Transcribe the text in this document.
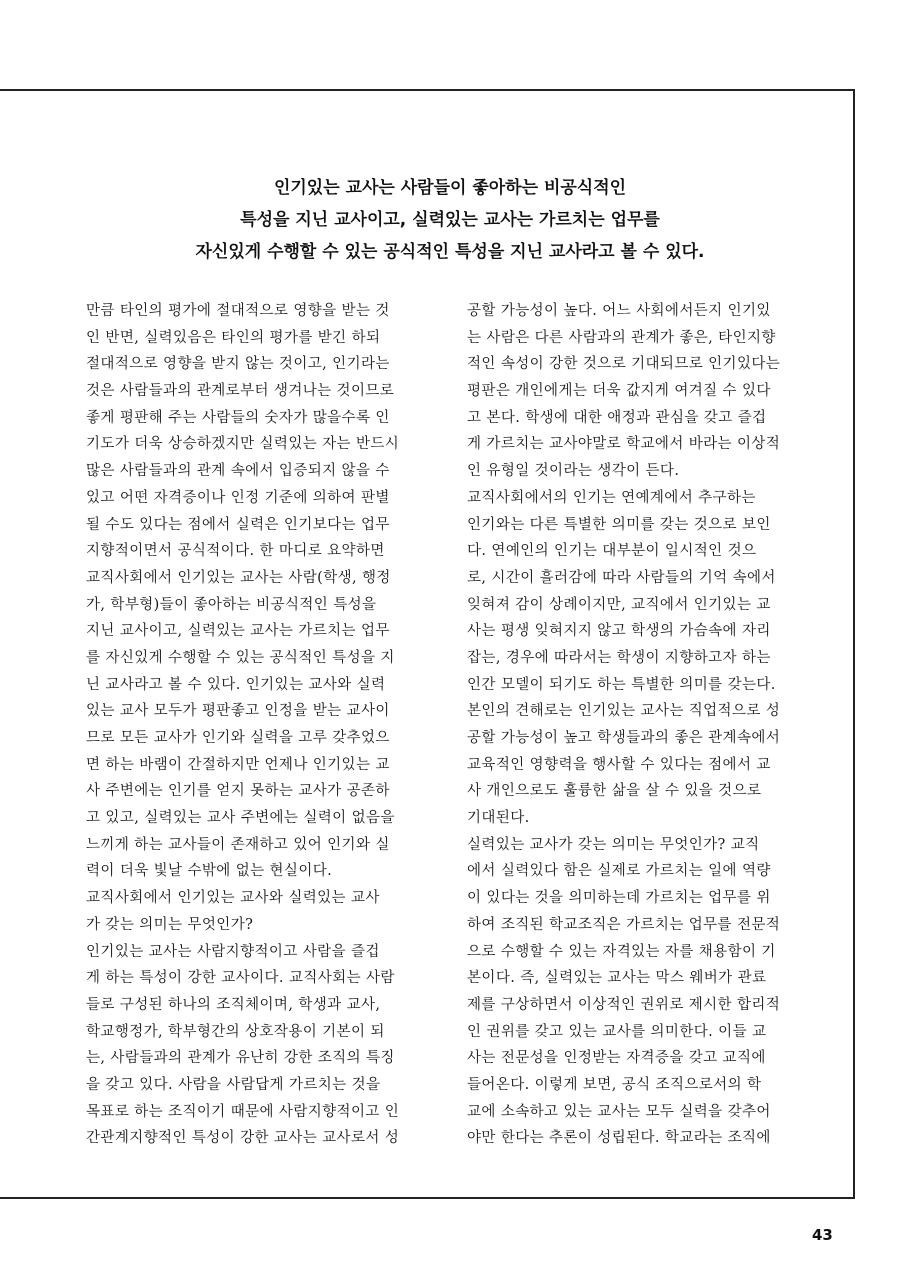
인기있는 교사는 사람들이 좋아하는 비공식적인
특성을 지닌 교사이고, 실력있는 교사는 가르치는 업무를
자신있게 수행할 수 있는 공식적인 특성을 지닌 교사라고 볼 수 있다.
만큼 타인의 평가에 절대적으로 영향을 받는 것
인 반면, 실력있음은 타인의 평가를 받긴 하되
절대적으로 영향을 받지 않는 것이고, 인기라는
것은 사람들과의 관계로부터 생겨나는 것이므로
좋게 평판해 주는 사람들의 숫자가 많을수록 인
기도가 더욱 상승하겠지만 실력있는 자는 반드시
많은 사람들과의 관계 속에서 입증되지 않을 수
있고 어떤 자격증이나 인정 기준에 의하여 판별
될 수도 있다는 점에서 실력은 인기보다는 업무
지향적이면서 공식적이다. 한 마디로 요약하면
교직사회에서 인기있는 교사는 사람(학생, 행정
가, 학부형)들이 좋아하는 비공식적인 특성을
지닌 교사이고, 실력있는 교사는 가르치는 업무
를 자신있게 수행할 수 있는 공식적인 특성을 지
닌 교사라고 볼 수 있다. 인기있는 교사와 실력
있는 교사 모두가 평판좋고 인정을 받는 교사이
므로 모든 교사가 인기와 실력을 고루 갖추었으
면 하는 바램이 간절하지만 언제나 인기있는 교
사 주변에는 인기를 얻지 못하는 교사가 공존하
고 있고, 실력있는 교사 주변에는 실력이 없음을
느끼게 하는 교사들이 존재하고 있어 인기와 실
력이 더욱 빛날 수밖에 없는 현실이다.
교직사회에서 인기있는 교사와 실력있는 교사
가 갖는 의미는 무엇인가?
인기있는 교사는 사람지향적이고 사람을 즐겁
게 하는 특성이 강한 교사이다. 교직사회는 사람
들로 구성된 하나의 조직체이며, 학생과 교사,
학교행정가, 학부형간의 상호작용이 기본이 되
는, 사람들과의 관계가 유난히 강한 조직의 특징
을 갖고 있다. 사람을 사람답게 가르치는 것을
목표로 하는 조직이기 때문에 사람지향적이고 인
간관계지향적인 특성이 강한 교사는 교사로서 성
공할 가능성이 높다. 어느 사회에서든지 인기있
는 사람은 다른 사람과의 관계가 좋은, 타인지향
적인 속성이 강한 것으로 기대되므로 인기있다는
평판은 개인에게는 더욱 값지게 여겨질 수 있다
고 본다. 학생에 대한 애정과 관심을 갖고 즐겁
게 가르치는 교사야말로 학교에서 바라는 이상적
인 유형일 것이라는 생각이 든다.
교직사회에서의 인기는 연예계에서 추구하는
인기와는 다른 특별한 의미를 갖는 것으로 보인
다. 연예인의 인기는 대부분이 일시적인 것으
로, 시간이 흘러감에 따라 사람들의 기억 속에서
잊혀져 감이 상례이지만, 교직에서 인기있는 교
사는 평생 잊혀지지 않고 학생의 가슴속에 자리
잡는, 경우에 따라서는 학생이 지향하고자 하는
인간 모델이 되기도 하는 특별한 의미를 갖는다.
본인의 견해로는 인기있는 교사는 직업적으로 성
공할 가능성이 높고 학생들과의 좋은 관계속에서
교육적인 영향력을 행사할 수 있다는 점에서 교
사 개인으로도 훌륭한 삶을 살 수 있을 것으로
기대된다.
실력있는 교사가 갖는 의미는 무엇인가? 교직
에서 실력있다 함은 실제로 가르치는 일에 역량
이 있다는 것을 의미하는데 가르치는 업무를 위
하여 조직된 학교조직은 가르치는 업무를 전문적
으로 수행할 수 있는 자격있는 자를 채용함이 기
본이다. 즉, 실력있는 교사는 막스 웨버가 관료
제를 구상하면서 이상적인 권위로 제시한 합리적
인 권위를 갖고 있는 교사를 의미한다. 이들 교
사는 전문성을 인정받는 자격증을 갖고 교직에
들어온다. 이렇게 보면, 공식 조직으로서의 학
교에 소속하고 있는 교사는 모두 실력을 갖추어
야만 한다는 추론이 성립된다. 학교라는 조직에
43
